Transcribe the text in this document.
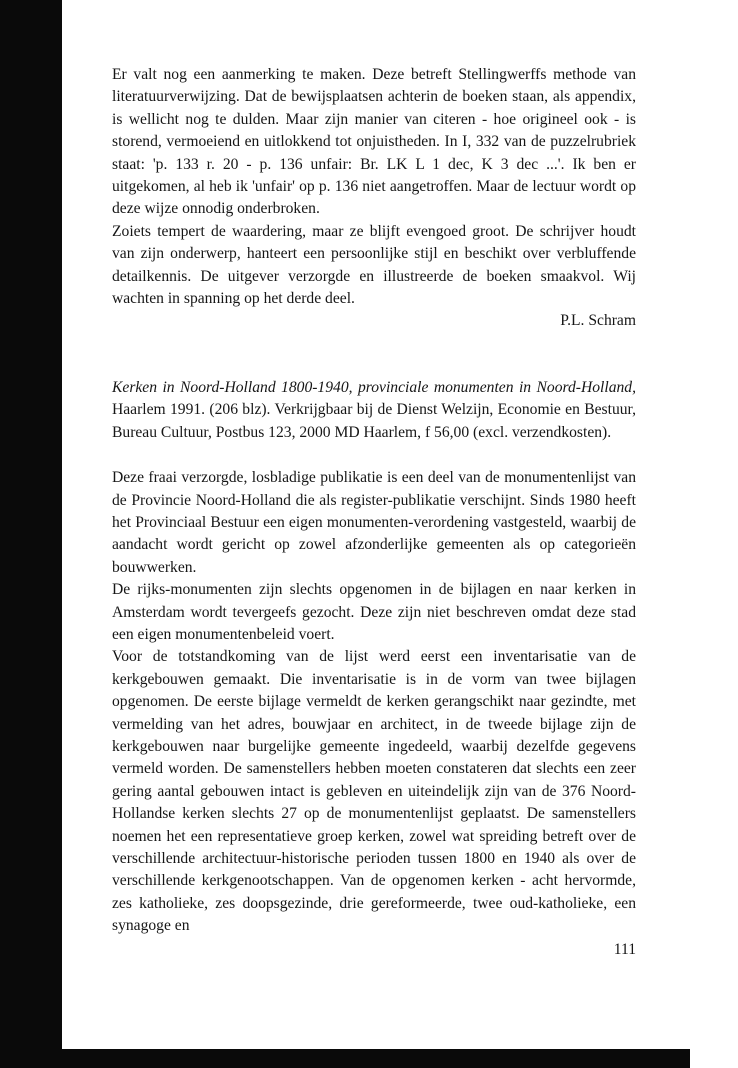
Er valt nog een aanmerking te maken. Deze betreft Stellingwerffs methode van literatuurverwijzing. Dat de bewijsplaatsen achterin de boeken staan, als appendix, is wellicht nog te dulden. Maar zijn manier van citeren - hoe origineel ook - is storend, vermoeiend en uitlokkend tot onjuistheden. In I, 332 van de puzzelrubriek staat: 'p. 133 r. 20 - p. 136 unfair: Br. LK L 1 dec, K 3 dec ...'. Ik ben er uitgekomen, al heb ik 'unfair' op p. 136 niet aangetroffen. Maar de lectuur wordt op deze wijze onnodig onderbroken.

Zoiets tempert de waardering, maar ze blijft evengoed groot. De schrijver houdt van zijn onderwerp, hanteert een persoonlijke stijl en beschikt over verbluffende detailkennis. De uitgever verzorgde en illustreerde de boeken smaakvol. Wij wachten in spanning op het derde deel.

P.L. Schram

Kerken in Noord-Holland 1800-1940, provinciale monumenten in Noord-Holland, Haarlem 1991. (206 blz). Verkrijgbaar bij de Dienst Welzijn, Economie en Bestuur, Bureau Cultuur, Postbus 123, 2000 MD Haarlem, f 56,00 (excl. verzendkosten).

Deze fraai verzorgde, losbladige publikatie is een deel van de monumentenlijst van de Provincie Noord-Holland die als register-publikatie verschijnt. Sinds 1980 heeft het Provinciaal Bestuur een eigen monumenten-verordening vastgesteld, waarbij de aandacht wordt gericht op zowel afzonderlijke gemeenten als op categorieën bouwwerken.

De rijks-monumenten zijn slechts opgenomen in de bijlagen en naar kerken in Amsterdam wordt tevergeefs gezocht. Deze zijn niet beschreven omdat deze stad een eigen monumentenbeleid voert.

Voor de totstandkoming van de lijst werd eerst een inventarisatie van de kerkgebouwen gemaakt. Die inventarisatie is in de vorm van twee bijlagen opgenomen. De eerste bijlage vermeldt de kerken gerangschikt naar gezindte, met vermelding van het adres, bouwjaar en architect, in de tweede bijlage zijn de kerkgebouwen naar burgelijke gemeente ingedeeld, waarbij dezelfde gegevens vermeld worden. De samenstellers hebben moeten constateren dat slechts een zeer gering aantal gebouwen intact is gebleven en uiteindelijk zijn van de 376 Noord-Hollandse kerken slechts 27 op de monumentenlijst geplaatst. De samenstellers noemen het een representatieve groep kerken, zowel wat spreiding betreft over de verschillende architectuur-historische perioden tussen 1800 en 1940 als over de verschillende kerkgenootschappen. Van de opgenomen kerken - acht hervormde, zes katholieke, zes doopsgezinde, drie gereformeerde, twee oud-katholieke, een synagoge en

111
